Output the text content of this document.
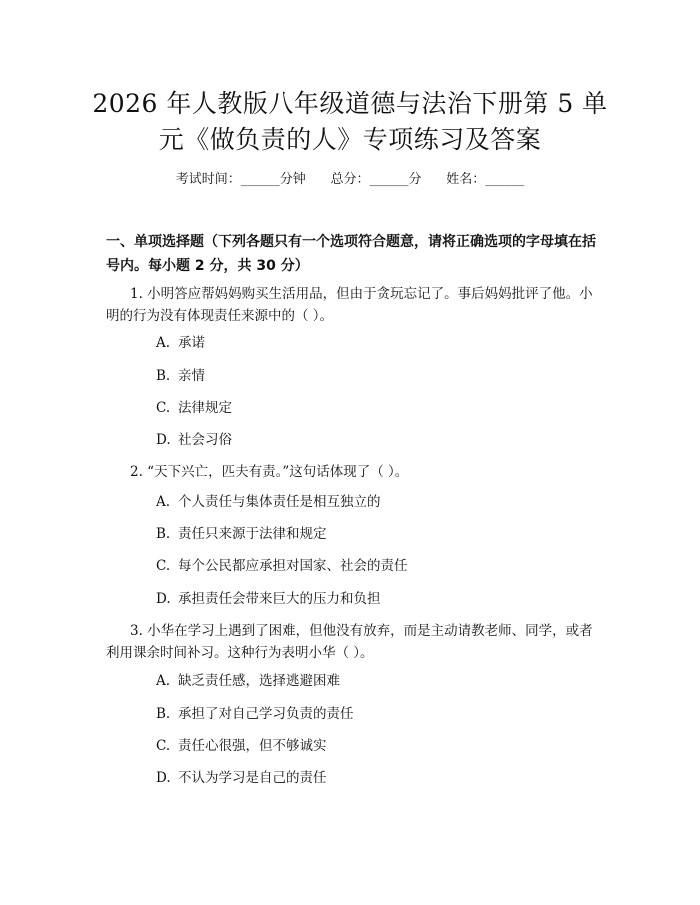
2026 年人教版八年级道德与法治下册第 5 单
元《做负责的人》专项练习及答案
考试时间：______分钟      总分：______分      姓名：______
一、单项选择题（下列各题只有一个选项符合题意，请将正确选项的字母填在括号内。每小题 2 分，共 30 分）
1. 小明答应帮妈妈购买生活用品，但由于贪玩忘记了。事后妈妈批评了他。小明的行为没有体现责任来源中的（ ）。
A. 承诺
B. 亲情
C. 法律规定
D. 社会习俗
2. “天下兴亡，匹夫有责。”这句话体现了（ ）。
A. 个人责任与集体责任是相互独立的
B. 责任只来源于法律和规定
C. 每个公民都应承担对国家、社会的责任
D. 承担责任会带来巨大的压力和负担
3. 小华在学习上遇到了困难，但他没有放弃，而是主动请教老师、同学，或者利用课余时间补习。这种行为表明小华（ ）。
A. 缺乏责任感，选择逃避困难
B. 承担了对自己学习负责的责任
C. 责任心很强，但不够诚实
D. 不认为学习是自己的责任
